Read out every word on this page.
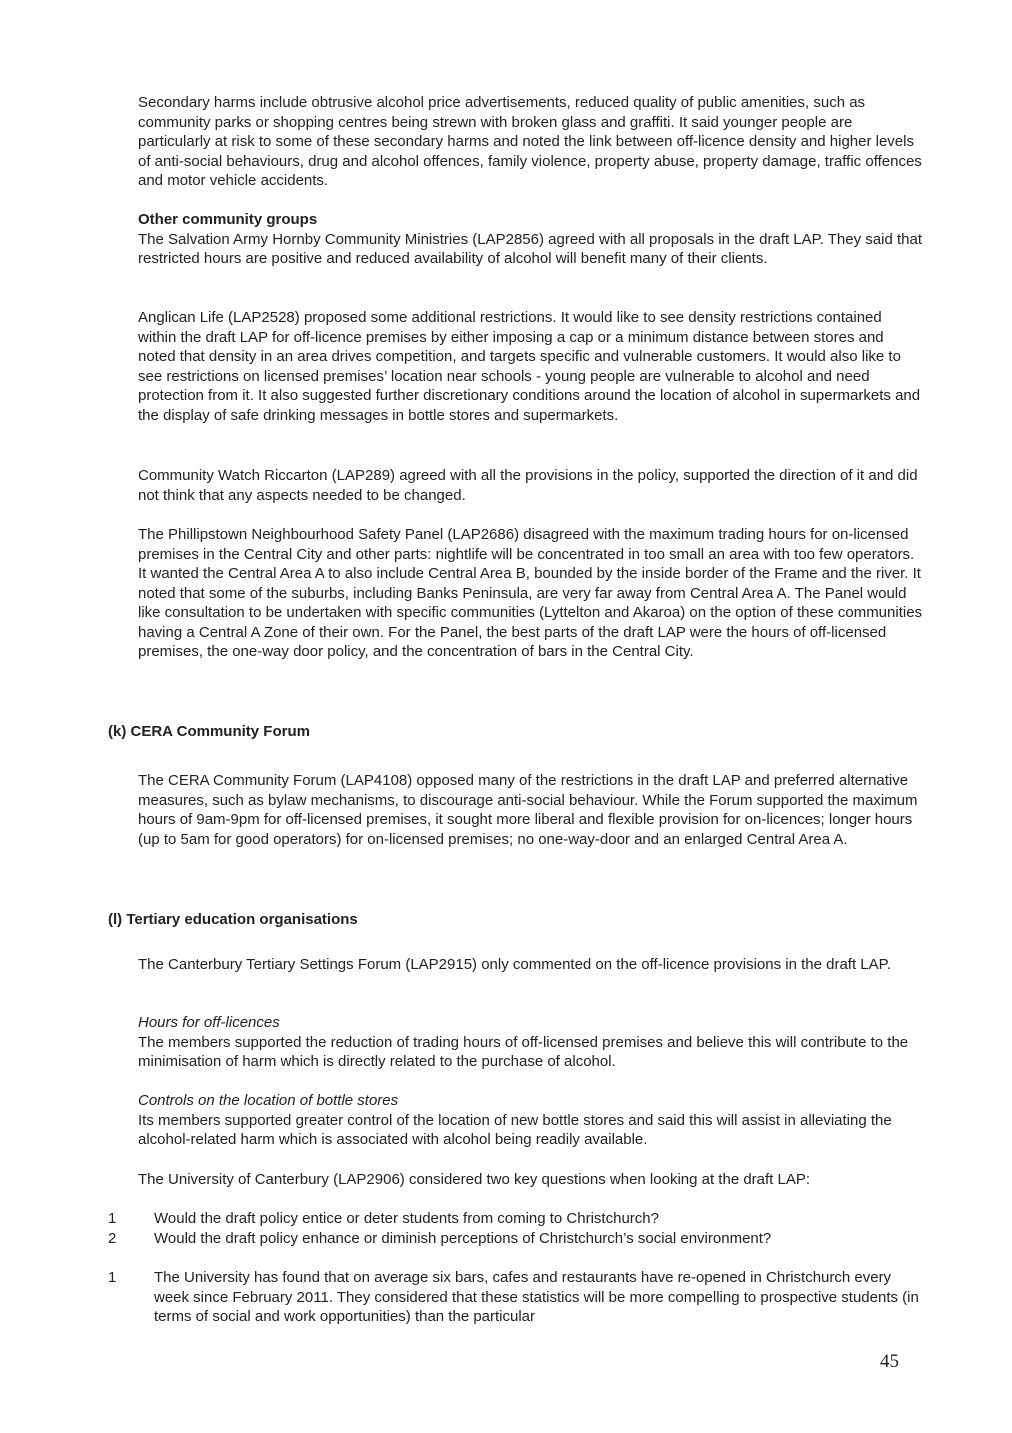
Secondary harms include obtrusive alcohol price advertisements, reduced quality of public amenities, such as community parks or shopping centres being strewn with broken glass and graffiti. It said younger people are particularly at risk to some of these secondary harms and noted the link between off-licence density and higher levels of anti-social behaviours, drug and alcohol offences, family violence, property abuse, property damage, traffic offences and motor vehicle accidents.

Other community groups

The Salvation Army Hornby Community Ministries (LAP2856) agreed with all proposals in the draft LAP. They said that restricted hours are positive and reduced availability of alcohol will benefit many of their clients.

Anglican Life (LAP2528) proposed some additional restrictions. It would like to see density restrictions contained within the draft LAP for off-licence premises by either imposing a cap or a minimum distance between stores and noted that density in an area drives competition, and targets specific and vulnerable customers. It would also like to see restrictions on licensed premises’ location near schools - young people are vulnerable to alcohol and need protection from it. It also suggested further discretionary conditions around the location of alcohol in supermarkets and the display of safe drinking messages in bottle stores and supermarkets.

Community Watch Riccarton (LAP289) agreed with all the provisions in the policy, supported the direction of it and did not think that any aspects needed to be changed.

The Phillipstown Neighbourhood Safety Panel (LAP2686) disagreed with the maximum trading hours for on-licensed premises in the Central City and other parts: nightlife will be concentrated in too small an area with too few operators. It wanted the Central Area A to also include Central Area B, bounded by the inside border of the Frame and the river. It noted that some of the suburbs, including Banks Peninsula, are very far away from Central Area A. The Panel would like consultation to be undertaken with specific communities (Lyttelton and Akaroa) on the option of these communities having a Central A Zone of their own. For the Panel, the best parts of the draft LAP were the hours of off-licensed premises, the one-way door policy, and the concentration of bars in the Central City.

(k) CERA Community Forum

The CERA Community Forum (LAP4108) opposed many of the restrictions in the draft LAP and preferred alternative measures, such as bylaw mechanisms, to discourage anti-social behaviour. While the Forum supported the maximum hours of 9am-9pm for off-licensed premises, it sought more liberal and flexible provision for on-licences; longer hours (up to 5am for good operators) for on-licensed premises; no one-way-door and an enlarged Central Area A.

(l) Tertiary education organisations

The Canterbury Tertiary Settings Forum (LAP2915) only commented on the off-licence provisions in the draft LAP.

Hours for off-licences

The members supported the reduction of trading hours of off-licensed premises and believe this will contribute to the minimisation of harm which is directly related to the purchase of alcohol.

Controls on the location of bottle stores

Its members supported greater control of the location of new bottle stores and said this will assist in alleviating the alcohol-related harm which is associated with alcohol being readily available.

The University of Canterbury (LAP2906) considered two key questions when looking at the draft LAP:

1	Would the draft policy entice or deter students from coming to Christchurch?
2	Would the draft policy enhance or diminish perceptions of Christchurch’s social environment?
1	The University has found that on average six bars, cafes and restaurants have re-opened in Christchurch every week since February 2011. They considered that these statistics will be more compelling to prospective students (in terms of social and work opportunities) than the particular
45
